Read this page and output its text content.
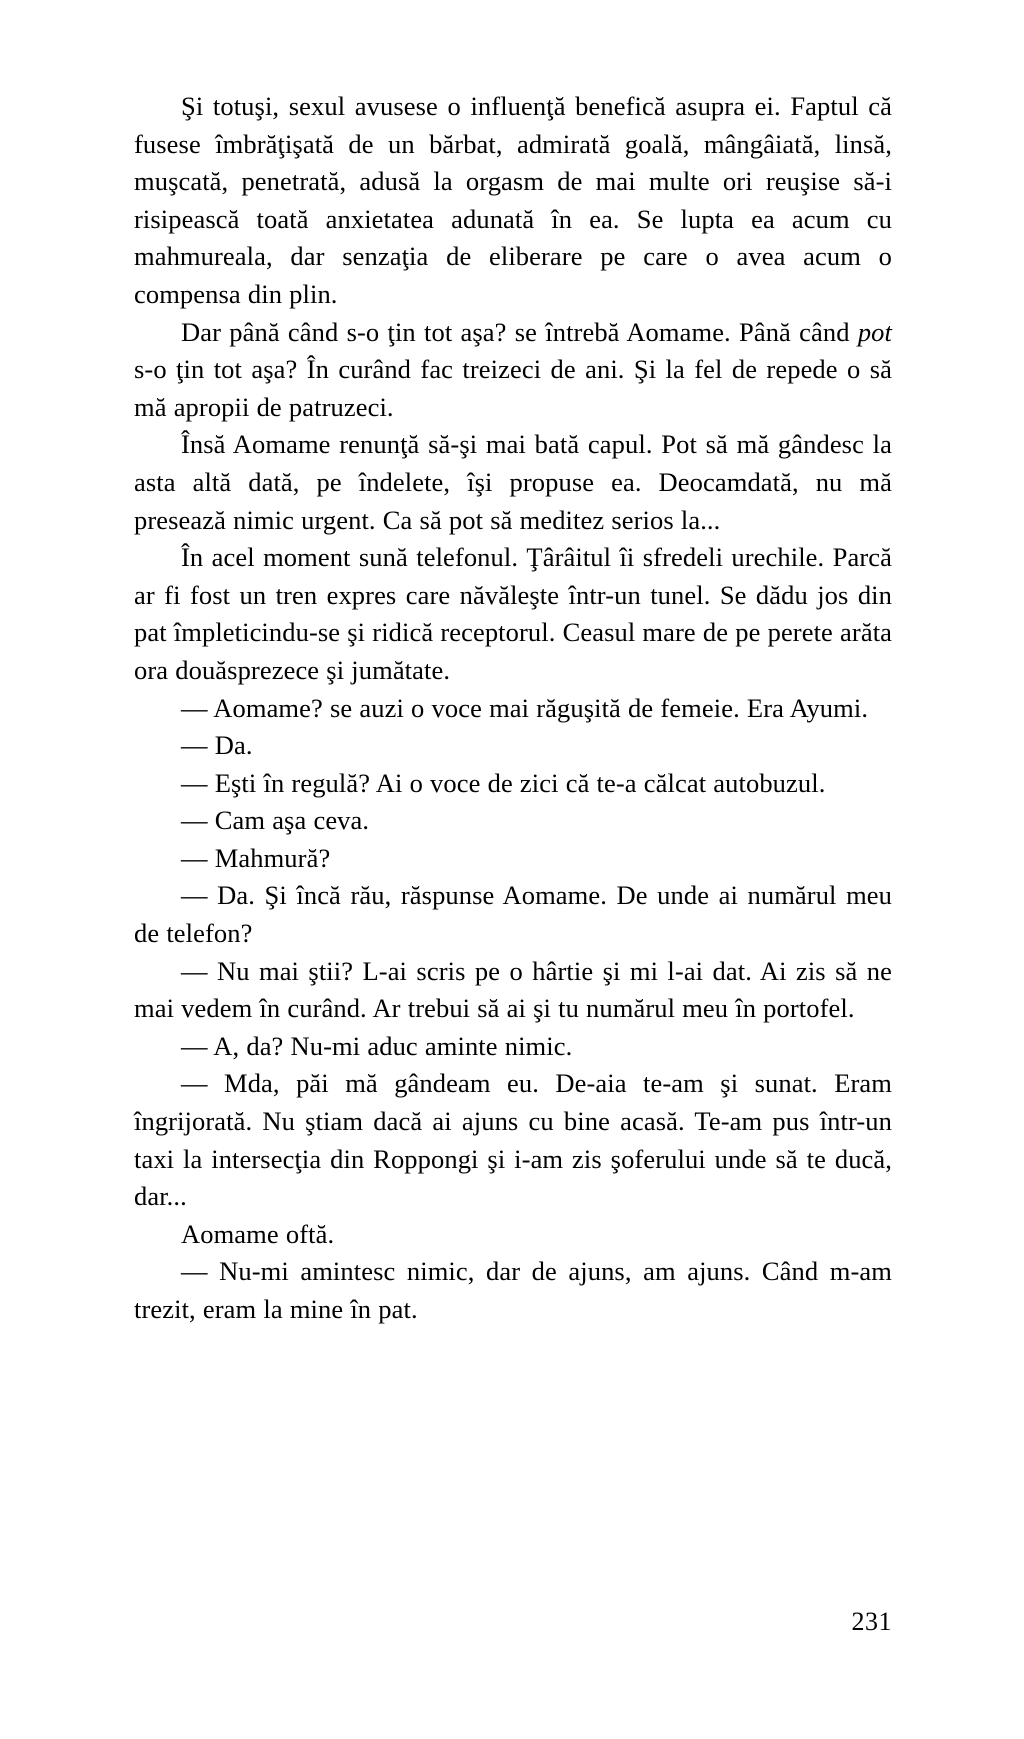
Şi totuşi, sexul avusese o influenţă benefică asupra ei. Faptul că fusese îmbrăţişată de un bărbat, admirată goală, mângâiată, linsă, muşcată, penetrată, adusă la orgasm de mai multe ori reuşise să-i risipească toată anxietatea adunată în ea. Se lupta ea acum cu mahmureala, dar senzaţia de eliberare pe care o avea acum o compensa din plin.

Dar până când s-o ţin tot aşa? se întrebă Aomame. Până când pot s-o ţin tot aşa? În curând fac treizeci de ani. Şi la fel de repede o să mă apropii de patruzeci.

Însă Aomame renunţă să-şi mai bată capul. Pot să mă gândesc la asta altă dată, pe îndelete, îşi propuse ea. Deocamdată, nu mă presează nimic urgent. Ca să pot să meditez serios la...

În acel moment sună telefonul. Ţârâitul îi sfredeli urechile. Parcă ar fi fost un tren expres care năvăleşte într-un tunel. Se dădu jos din pat împleticindu-se şi ridică receptorul. Ceasul mare de pe perete arăta ora douăsprezece şi jumătate.

— Aomame? se auzi o voce mai răguşită de femeie. Era Ayumi.

— Da.

— Eşti în regulă? Ai o voce de zici că te-a călcat autobuzul.

— Cam aşa ceva.

— Mahmură?

— Da. Şi încă rău, răspunse Aomame. De unde ai numărul meu de telefon?

— Nu mai ştii? L-ai scris pe o hârtie şi mi l-ai dat. Ai zis să ne mai vedem în curând. Ar trebui să ai şi tu numărul meu în portofel.

— A, da? Nu-mi aduc aminte nimic.

— Mda, păi mă gândeam eu. De-aia te-am şi sunat. Eram îngrijorată. Nu ştiam dacă ai ajuns cu bine acasă. Te-am pus într-un taxi la intersecţia din Roppongi şi i-am zis şoferului unde să te ducă, dar...

Aomame oftă.

— Nu-mi amintesc nimic, dar de ajuns, am ajuns. Când m-am trezit, eram la mine în pat.

231
